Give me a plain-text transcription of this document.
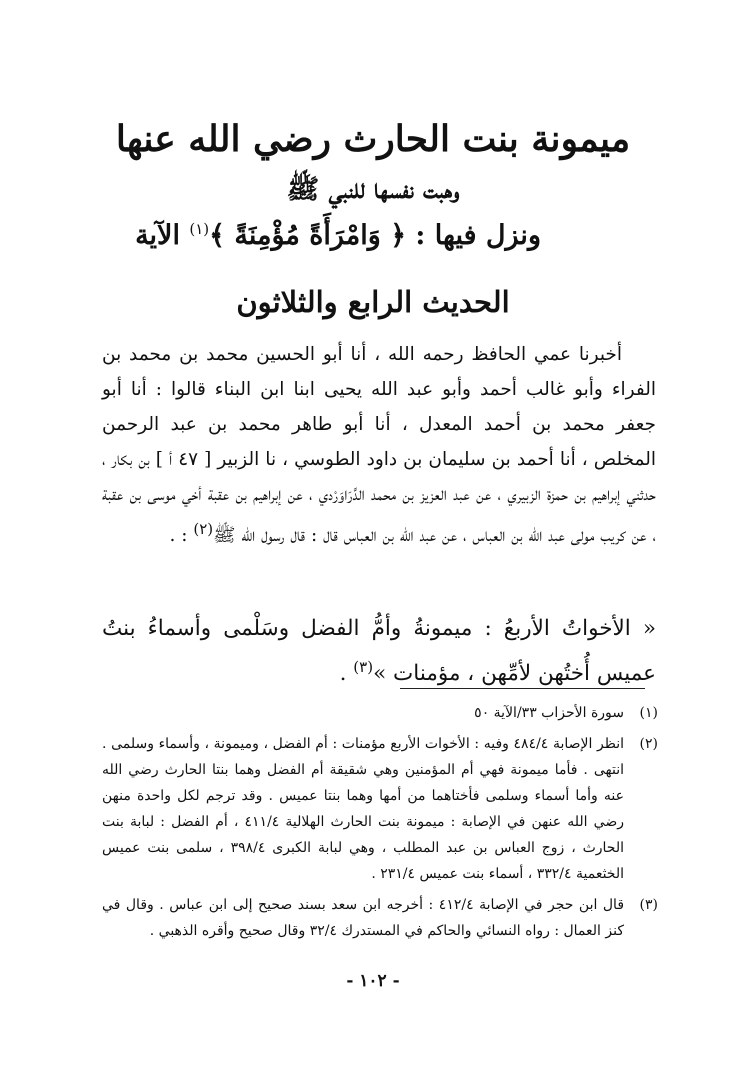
ميمونة بنت الحارث رضي الله عنها
وهبت نفسها للنبي ﷺ
ونزل فيها : ﴿ وَامْرَأَةً مُؤْمِنَةً ﴾$^{(١)}$ الآية
الحديث الرابع والثلاثون

أخبرنا عمي الحافظ رحمه الله ، أنا أبو الحسين محمد بن محمد بن الفراء وأبو غالب أحمد وأبو عبد الله يحيى ابنا ابن البناء قالوا : أنا أبو جعفر محمد بن أحمد المعدل ، أنا أبو طاهر محمد بن عبد الرحمن المخلص ، أنا أحمد بن سليمان بن داود الطوسي ، نا الزبير [ ٤٧ أ ] بن بكار ، حدثني إبراهيم بن حمزة الزبيري ، عن عبد العزيز بن محمد الدَّرَاوَرْدي ، عن إبراهيم بن عقبة أخي موسى بن عقبة ، عن كريب مولى عبد الله بن العباس ، عن عبد الله بن العباس قال : قال رسول الله ﷺ$^{(٢)}$ : .

« الأخواتُ الأربعُ : ميمونةُ وأمُّ الفضل وسَلْمى وأسماءُ بنتُ عميس أُختُهن لأمِّهن ، مؤمنات »$^{(٣)}$ .

(١)
سورة الأحزاب ٣٣/الآية ٥٠
(٢)
انظر الإصابة ٤٨٤/٤ وفيه : الأخوات الأربع مؤمنات : أم الفضل ، وميمونة ، وأسماء وسلمى . انتهى . فأما ميمونة فهي أم المؤمنين وهي شقيقة أم الفضل وهما بنتا الحارث رضي الله عنه وأما أسماء وسلمى فأختاهما من أمها وهما بنتا عميس . وقد ترجم لكل واحدة منهن رضي الله عنهن في الإصابة : ميمونة بنت الحارث الهلالية ٤١١/٤ ، أم الفضل : لبابة بنت الحارث ، زوج العباس بن عبد المطلب ، وهي لبابة الكبرى ٣٩٨/٤ ، سلمى بنت عميس الخثعمية ٣٣٢/٤ ، أسماء بنت عميس ٢٣١/٤ .
(٣)
قال ابن حجر في الإصابة ٤١٢/٤ : أخرجه ابن سعد بسند صحيح إلى ابن عباس . وقال في كنز العمال : رواه النسائي والحاكم في المستدرك ٣٢/٤ وقال صحيح وأقره الذهبي .
- ١٠٢ -
